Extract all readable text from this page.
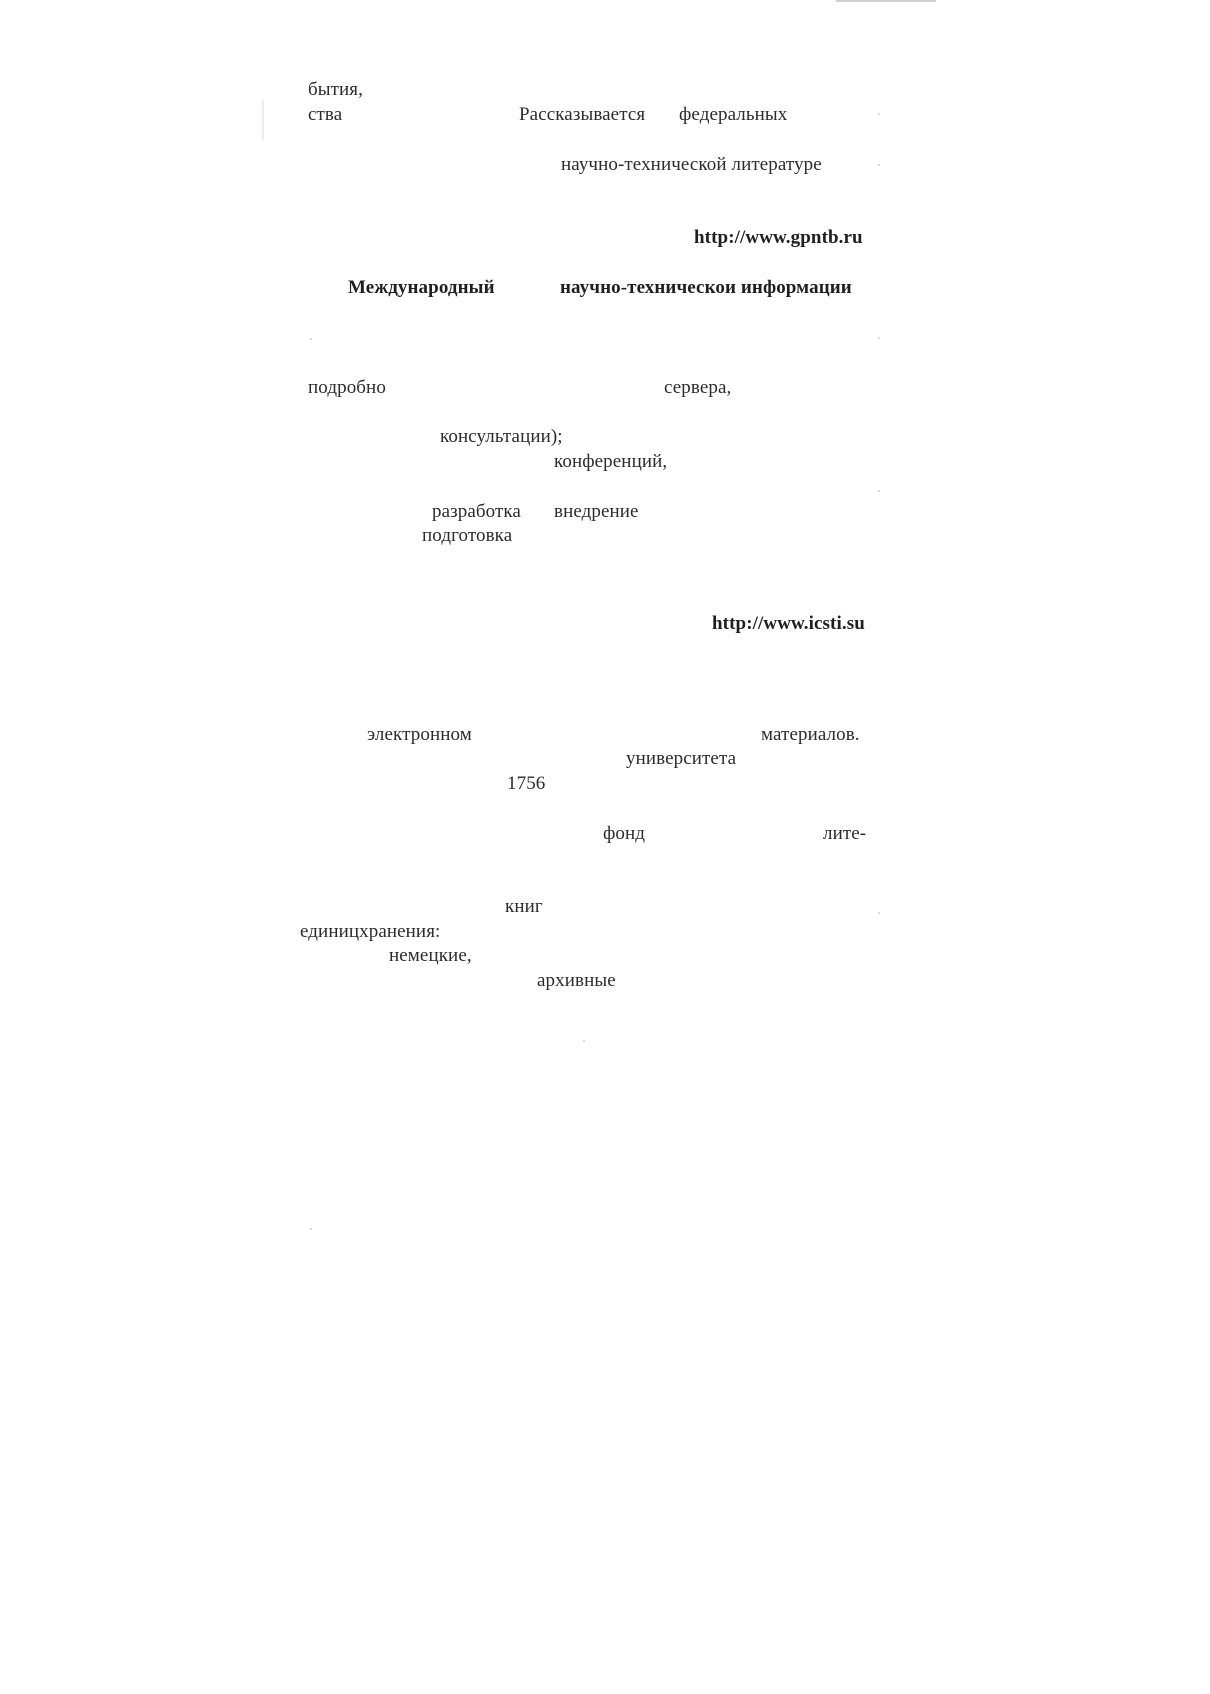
бытия,
ства	Рассказывается федеральных
научно-технической литературе
http://www.gpntb.ru
Международный	научно-техническои информации
подробно	сервера,
консультации);
конференций,
разработка внедрение
подготовка
http://www.icsti.su
электронном	материалов.
университета
1756
фонд	лите-
книг
единицхранения:
немецкие,
архивные
